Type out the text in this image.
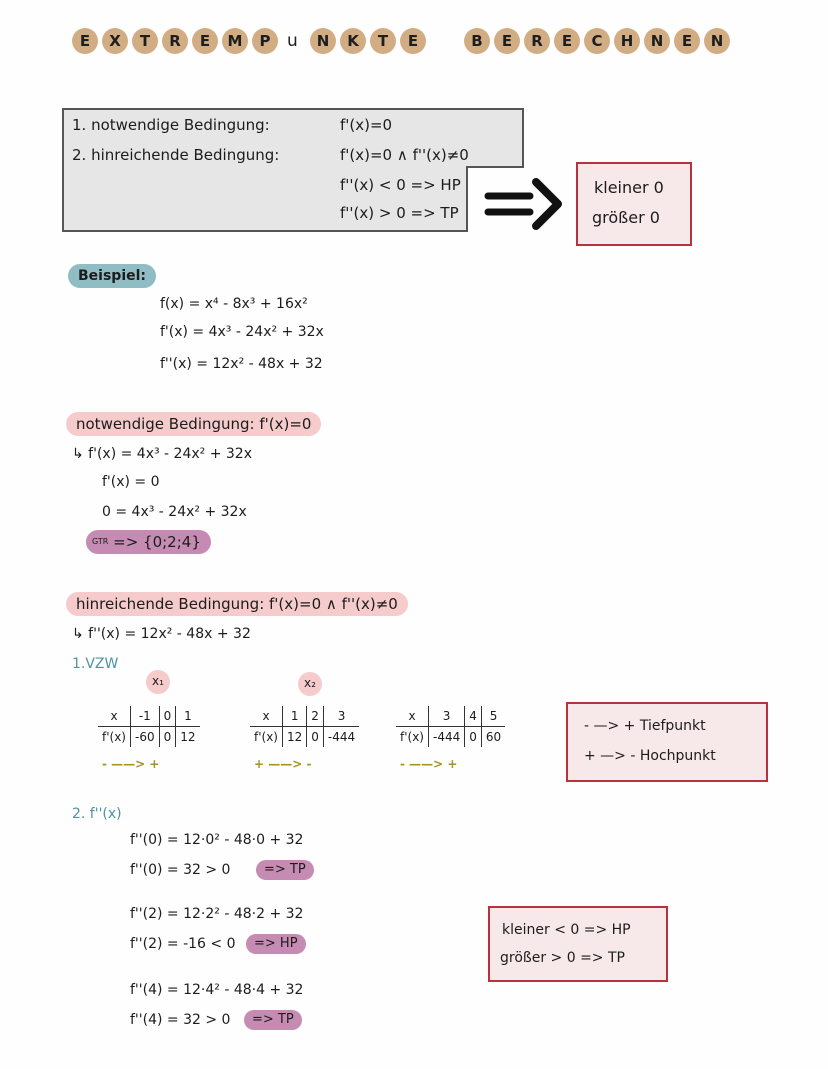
E	X	T	R	E	M	P u	N	K	T	E	B	E	R	E	C	H	N	E	N
1. notwendige Bedingung:	f'(x)=0
2. hinreichende Bedingung:	f'(x)=0 ∧ f''(x)≠0
f''(x) < 0 => HP
f''(x) > 0 => TP
kleiner 0
größer 0
Beispiel:
f(x) = x⁴ - 8x³ + 16x²
f'(x) = 4x³ - 24x² + 32x
f''(x) = 12x² - 48x + 32
notwendige Bedingung: f'(x)=0
↳ f'(x) = 4x³ - 24x² + 32x
f'(x) = 0
0 = 4x³ - 24x² + 32x
$^{GTR}$ => {0;2;4}
hinreichende Bedingung: f'(x)=0 ∧ f''(x)≠0
↳ f''(x) = 12x² - 48x + 32
1.VZW
x	-1	0	1
f'(x)	-60	0	12
- ——> +
x₁
x	1	2	3
f'(x)	12	0	-444
+ ——> -
x₂
x	3	4	5
f'(x)	-444	0	60
- ——> +
- —> + Tiefpunkt
+ —> - Hochpunkt
2. f''(x)
f''(0) = 12·0² - 48·0 + 32
f''(0) = 32 > 0	=> TP
f''(2) = 12·2² - 48·2 + 32
f''(2) = -16 < 0	=> HP
f''(4) = 12·4² - 48·4 + 32
f''(4) = 32 > 0	=> TP
kleiner < 0 => HP
größer > 0 => TP
